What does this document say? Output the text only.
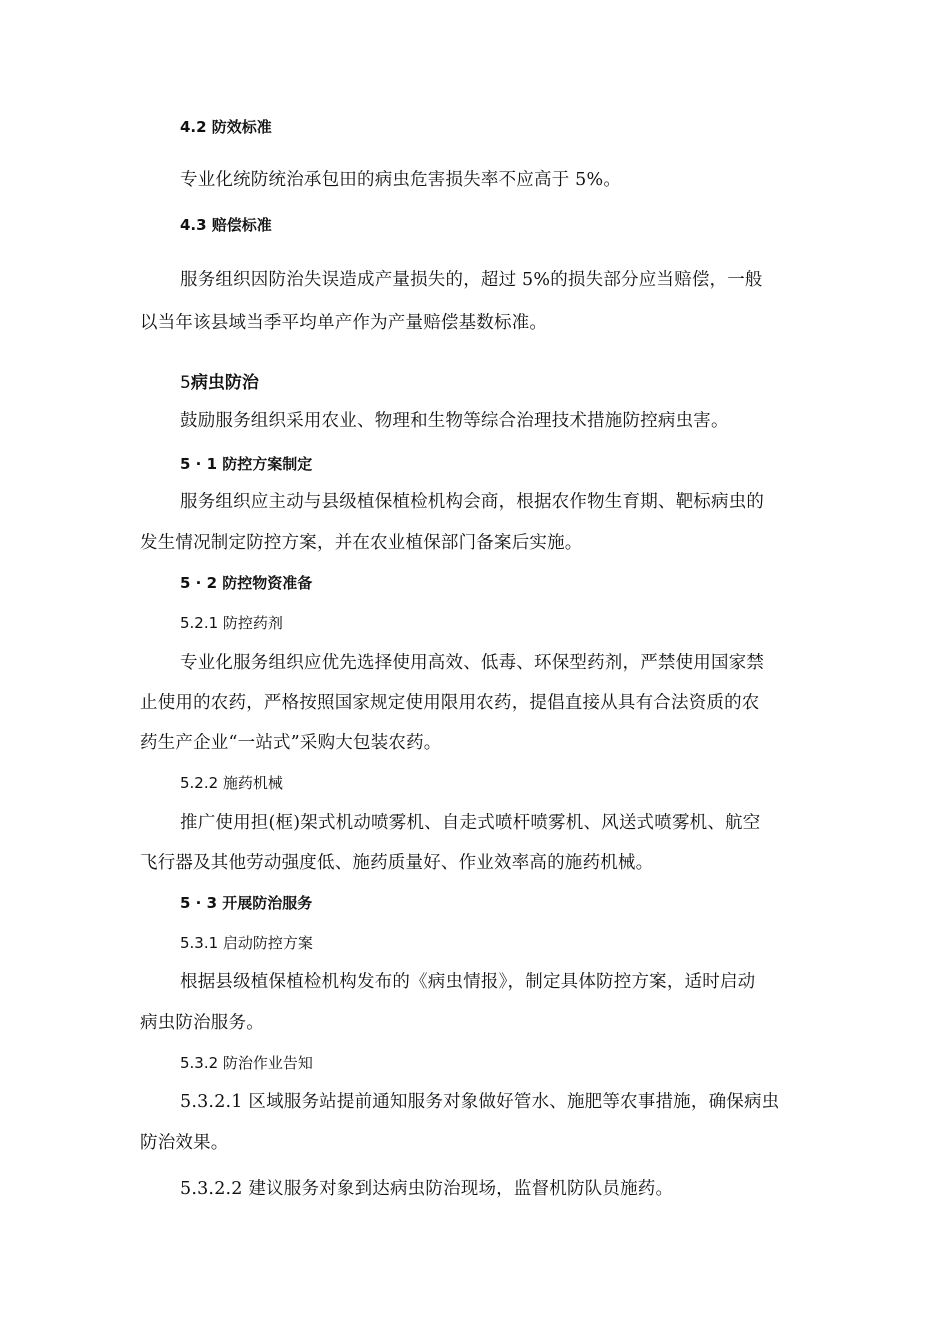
4.2 防效标准
专业化统防统治承包田的病虫危害损失率不应高于 5%。
4.3 赔偿标准
服务组织因防治失误造成产量损失的，超过 5%的损失部分应当赔偿，一般
以当年该县域当季平均单产作为产量赔偿基数标准。
5病虫防治
鼓励服务组织采用农业、物理和生物等综合治理技术措施防控病虫害。
5 · 1 防控方案制定
服务组织应主动与县级植保植检机构会商，根据农作物生育期、靶标病虫的
发生情况制定防控方案，并在农业植保部门备案后实施。
5 · 2 防控物资准备
5.2.1 防控药剂
专业化服务组织应优先选择使用高效、低毒、环保型药剂，严禁使用国家禁
止使用的农药，严格按照国家规定使用限用农药，提倡直接从具有合法资质的农
药生产企业“一站式”采购大包装农药。
5.2.2 施药机械
推广使用担(框)架式机动喷雾机、自走式喷杆喷雾机、风送式喷雾机、航空
飞行器及其他劳动强度低、施药质量好、作业效率高的施药机械。
5 · 3 开展防治服务
5.3.1 启动防控方案
根据县级植保植检机构发布的《病虫情报》，制定具体防控方案，适时启动
病虫防治服务。
5.3.2 防治作业告知
5.3.2.1 区域服务站提前通知服务对象做好管水、施肥等农事措施，确保病虫
防治效果。
5.3.2.2 建议服务对象到达病虫防治现场，监督机防队员施药。
